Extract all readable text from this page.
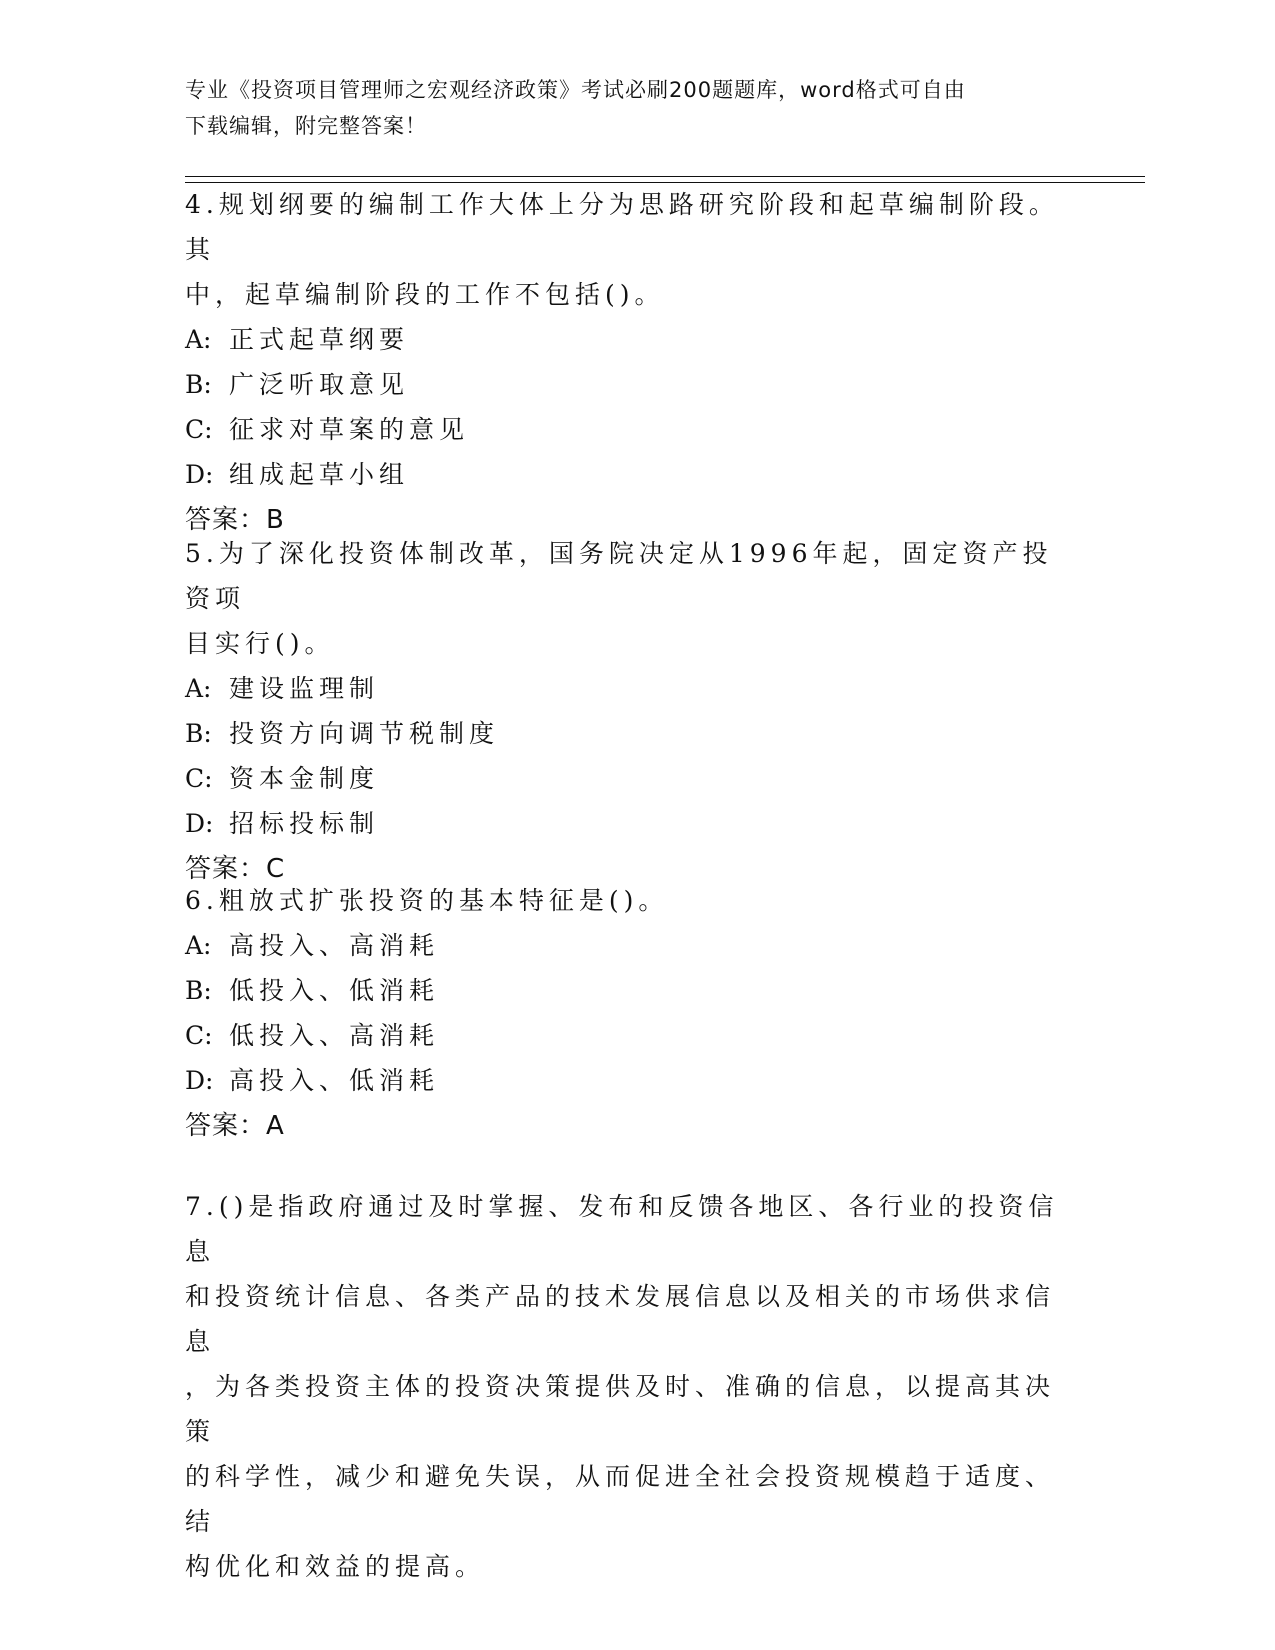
专业《投资项目管理师之宏观经济政策》考试必刷200题题库，word格式可自由
下载编辑，附完整答案！
4.规划纲要的编制工作大体上分为思路研究阶段和起草编制阶段。其
中，起草编制阶段的工作不包括()。
A: 正式起草纲要
B: 广泛听取意见
C: 征求对草案的意见
D: 组成起草小组
答案：B
5.为了深化投资体制改革，国务院决定从1996年起，固定资产投资项
目实行()。
A: 建设监理制
B: 投资方向调节税制度
C: 资本金制度
D: 招标投标制
答案：C
6.粗放式扩张投资的基本特征是()。
A: 高投入、高消耗
B: 低投入、低消耗
C: 低投入、高消耗
D: 高投入、低消耗
答案：A
7.()是指政府通过及时掌握、发布和反馈各地区、各行业的投资信息
和投资统计信息、各类产品的技术发展信息以及相关的市场供求信息
，为各类投资主体的投资决策提供及时、准确的信息，以提高其决策
的科学性，减少和避免失误，从而促进全社会投资规模趋于适度、结
构优化和效益的提高。
